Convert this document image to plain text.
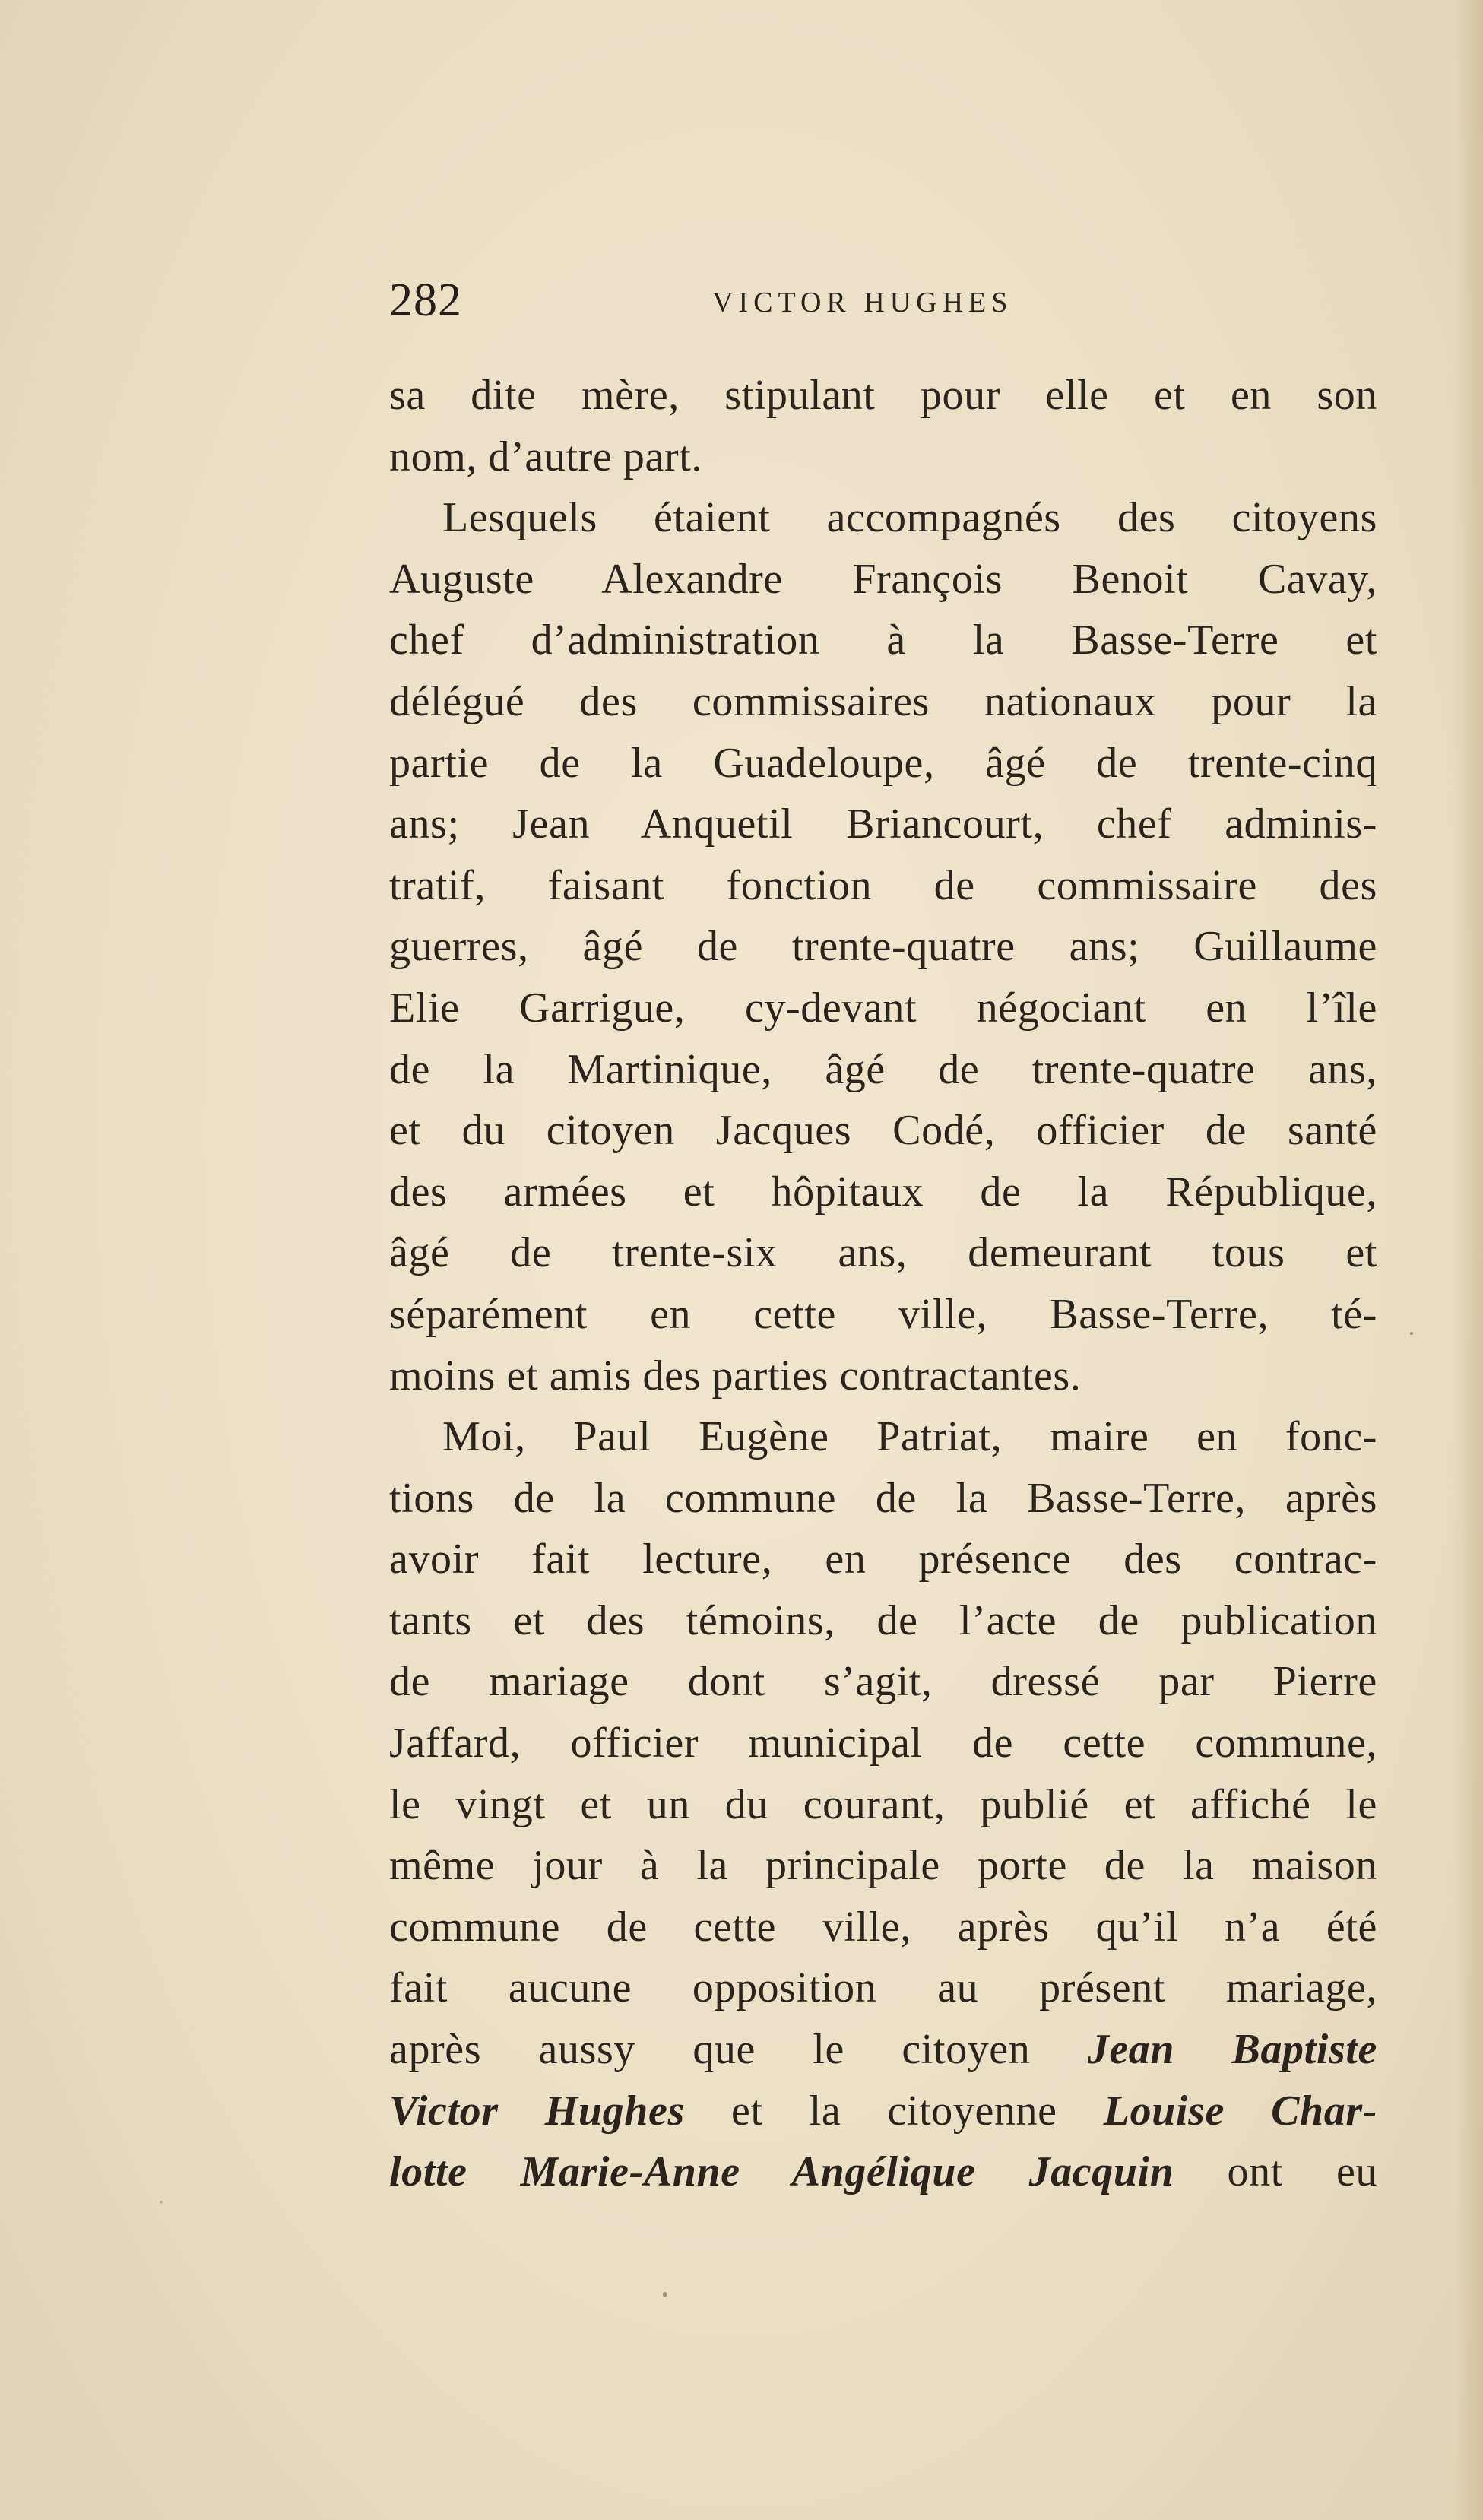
282	VICTOR HUGHES
sa dite mère, stipulant pour elle et en son
nom, d’autre part.
Lesquels étaient accompagnés des citoyens
Auguste Alexandre François Benoit Cavay,
chef d’administration à la Basse-Terre et
délégué des commissaires nationaux pour la
partie de la Guadeloupe, âgé de trente-cinq
ans; Jean Anquetil Briancourt, chef adminis-
tratif, faisant fonction de commissaire des
guerres, âgé de trente-quatre ans; Guillaume
Elie Garrigue, cy-devant négociant en l’île
de la Martinique, âgé de trente-quatre ans,
et du citoyen Jacques Codé, officier de santé
des armées et hôpitaux de la République,
âgé de trente-six ans, demeurant tous et
séparément en cette ville, Basse-Terre, té-
moins et amis des parties contractantes.
Moi, Paul Eugène Patriat, maire en fonc-
tions de la commune de la Basse-Terre, après
avoir fait lecture, en présence des contrac-
tants et des témoins, de l’acte de publication
de mariage dont s’agit, dressé par Pierre
Jaffard, officier municipal de cette commune,
le vingt et un du courant, publié et affiché le
même jour à la principale porte de la maison
commune de cette ville, après qu’il n’a été
fait aucune opposition au présent mariage,
après aussy que le citoyen Jean Baptiste
Victor Hughes et la citoyenne Louise Char-
lotte Marie-Anne Angélique Jacquin ont eu
